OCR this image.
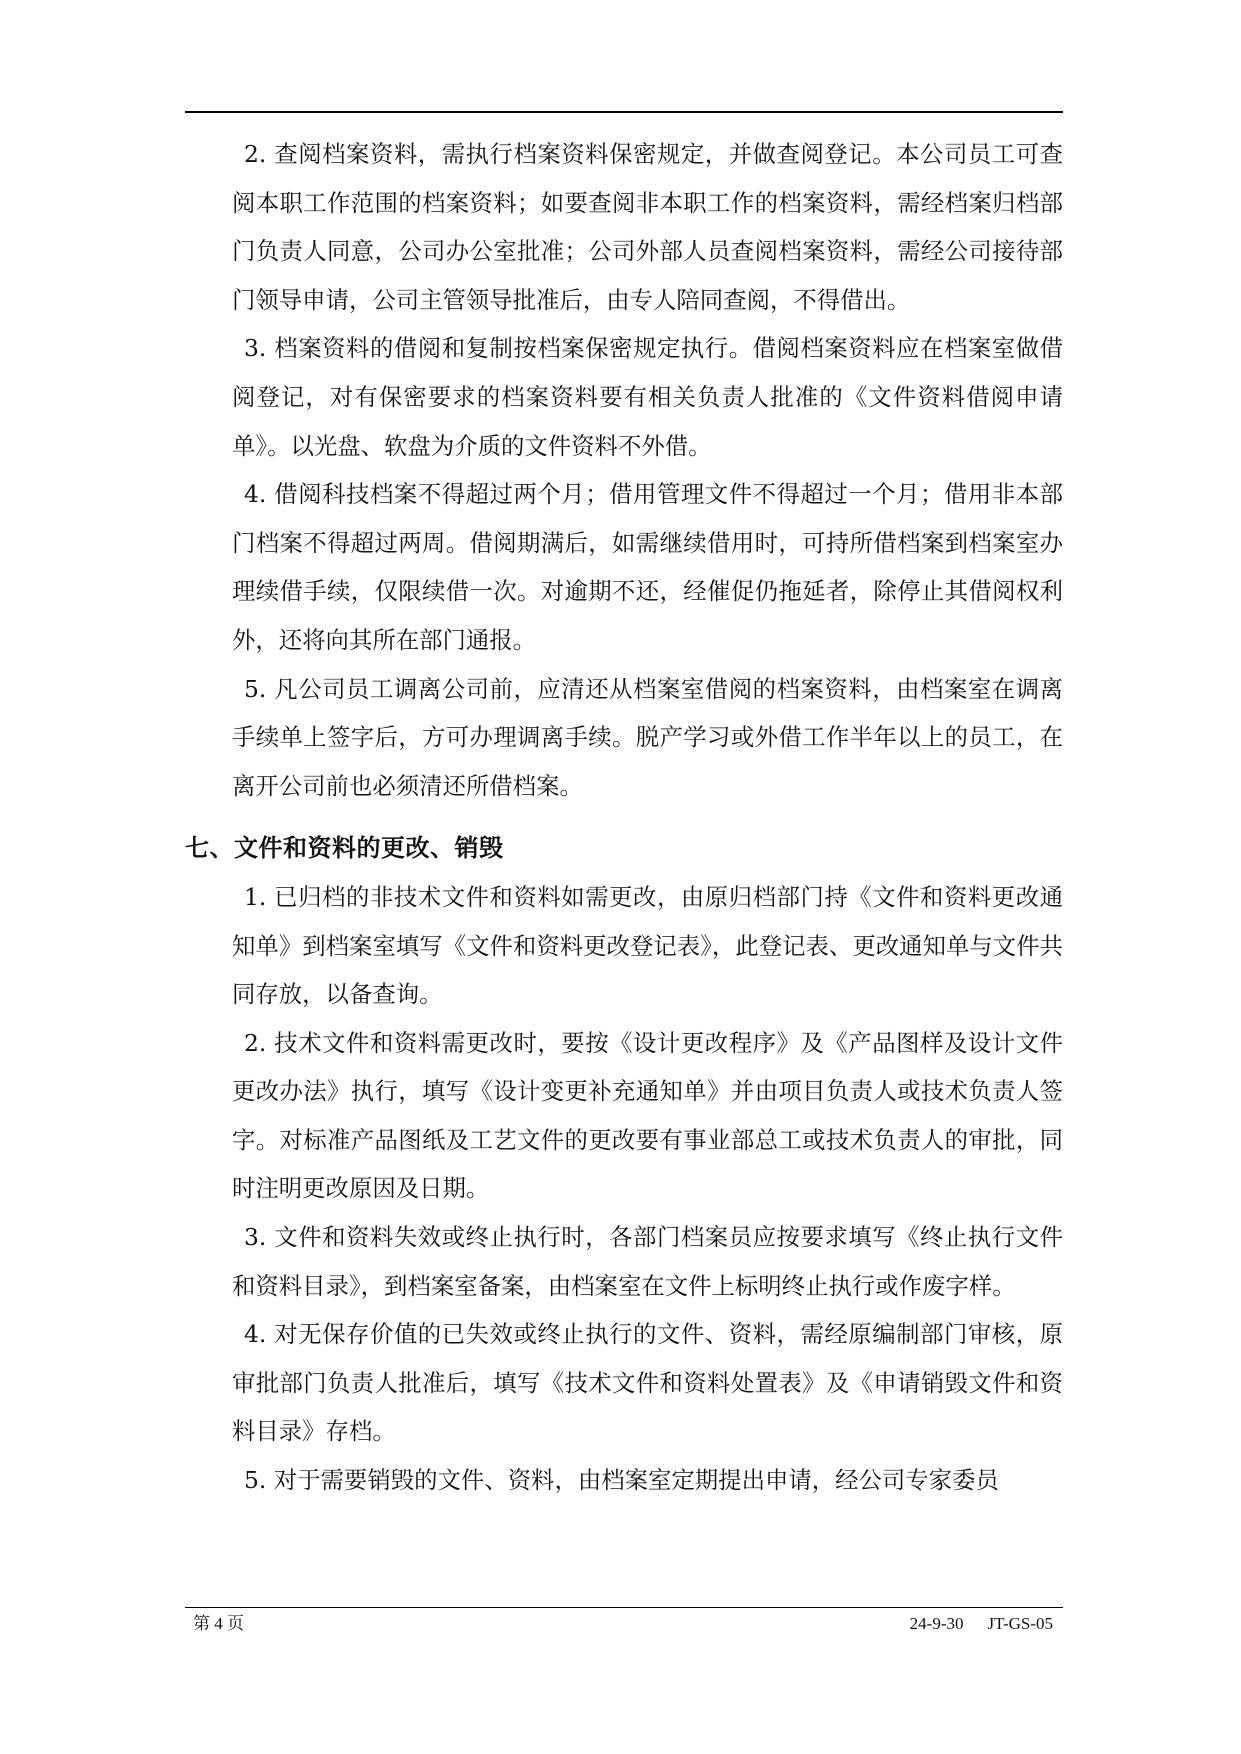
2. 查阅档案资料，需执行档案资料保密规定，并做查阅登记。本公司员工可查阅本职工作范围的档案资料；如要查阅非本职工作的档案资料，需经档案归档部门负责人同意，公司办公室批准；公司外部人员查阅档案资料，需经公司接待部门领导申请，公司主管领导批准后，由专人陪同查阅，不得借出。

3. 档案资料的借阅和复制按档案保密规定执行。借阅档案资料应在档案室做借阅登记，对有保密要求的档案资料要有相关负责人批准的《文件资料借阅申请单》。以光盘、软盘为介质的文件资料不外借。

4. 借阅科技档案不得超过两个月；借用管理文件不得超过一个月；借用非本部门档案不得超过两周。借阅期满后，如需继续借用时，可持所借档案到档案室办理续借手续，仅限续借一次。对逾期不还，经催促仍拖延者，除停止其借阅权利外，还将向其所在部门通报。

5. 凡公司员工调离公司前，应清还从档案室借阅的档案资料，由档案室在调离手续单上签字后，方可办理调离手续。脱产学习或外借工作半年以上的员工，在离开公司前也必须清还所借档案。

七、文件和资料的更改、销毁

1. 已归档的非技术文件和资料如需更改，由原归档部门持《文件和资料更改通知单》到档案室填写《文件和资料更改登记表》，此登记表、更改通知单与文件共同存放，以备查询。

2. 技术文件和资料需更改时，要按《设计更改程序》及《产品图样及设计文件更改办法》执行，填写《设计变更补充通知单》并由项目负责人或技术负责人签字。对标准产品图纸及工艺文件的更改要有事业部总工或技术负责人的审批，同时注明更改原因及日期。

3. 文件和资料失效或终止执行时，各部门档案员应按要求填写《终止执行文件和资料目录》，到档案室备案，由档案室在文件上标明终止执行或作废字样。

4. 对无保存价值的已失效或终止执行的文件、资料，需经原编制部门审核，原审批部门负责人批准后，填写《技术文件和资料处置表》及《申请销毁文件和资料目录》存档。

5. 对于需要销毁的文件、资料，由档案室定期提出申请，经公司专家委员

第 4 页	24-9-30 JT-GS-05
